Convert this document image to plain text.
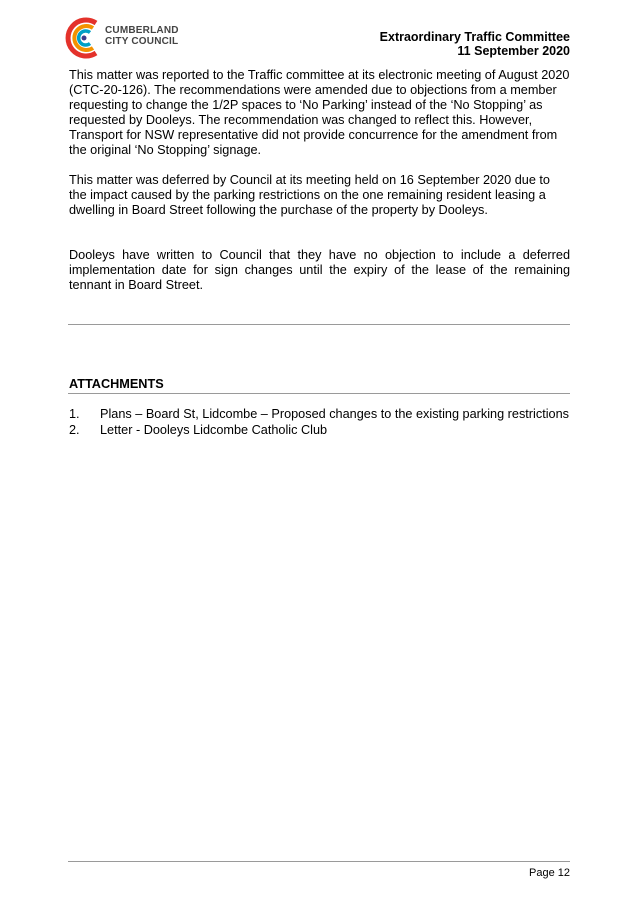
CUMBERLAND
CITY COUNCIL	Extraordinary Traffic Committee
11 September 2020

This matter was reported to the Traffic committee at its electronic meeting of August 2020 (CTC-20-126). The recommendations were amended due to objections from a member requesting to change the 1/2P spaces to ‘No Parking’ instead of the ‘No Stopping’ as requested by Dooleys. The recommendation was changed to reflect this. However, Transport for NSW representative did not provide concurrence for the amendment from the original ‘No Stopping’ signage.

This matter was deferred by Council at its meeting held on 16 September 2020 due to the impact caused by the parking restrictions on the one remaining resident leasing a dwelling in Board Street following the purchase of the property by Dooleys.

Dooleys have written to Council that they have no objection to include a deferred implementation date for sign changes until the expiry of the lease of the remaining tennant in Board Street.

ATTACHMENTS
1.	Plans – Board St, Lidcombe – Proposed changes to the existing parking restrictions
2.	Letter - Dooleys Lidcombe Catholic Club
Page 12
